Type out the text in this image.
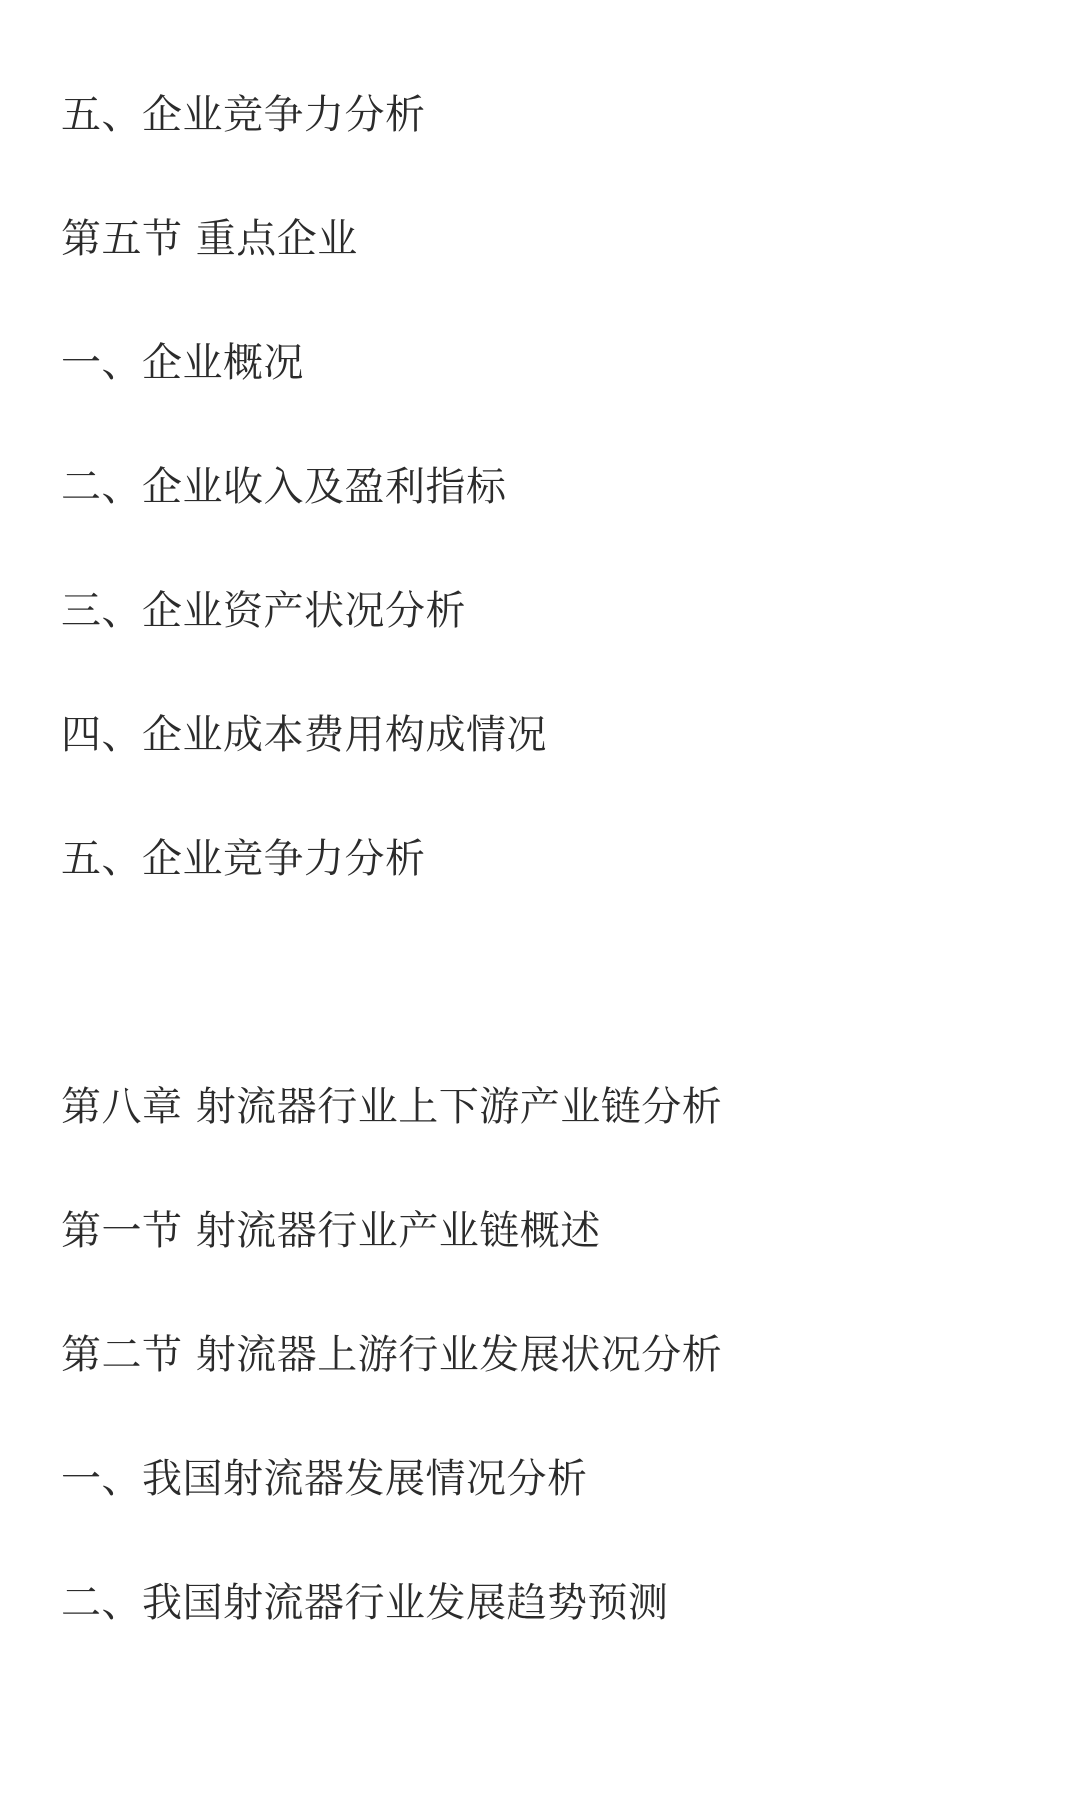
五、企业竞争力分析
第五节 重点企业
一、企业概况
二、企业收入及盈利指标
三、企业资产状况分析
四、企业成本费用构成情况
五、企业竞争力分析
第八章 射流器行业上下游产业链分析
第一节 射流器行业产业链概述
第二节 射流器上游行业发展状况分析
一、我国射流器发展情况分析
二、我国射流器行业发展趋势预测
